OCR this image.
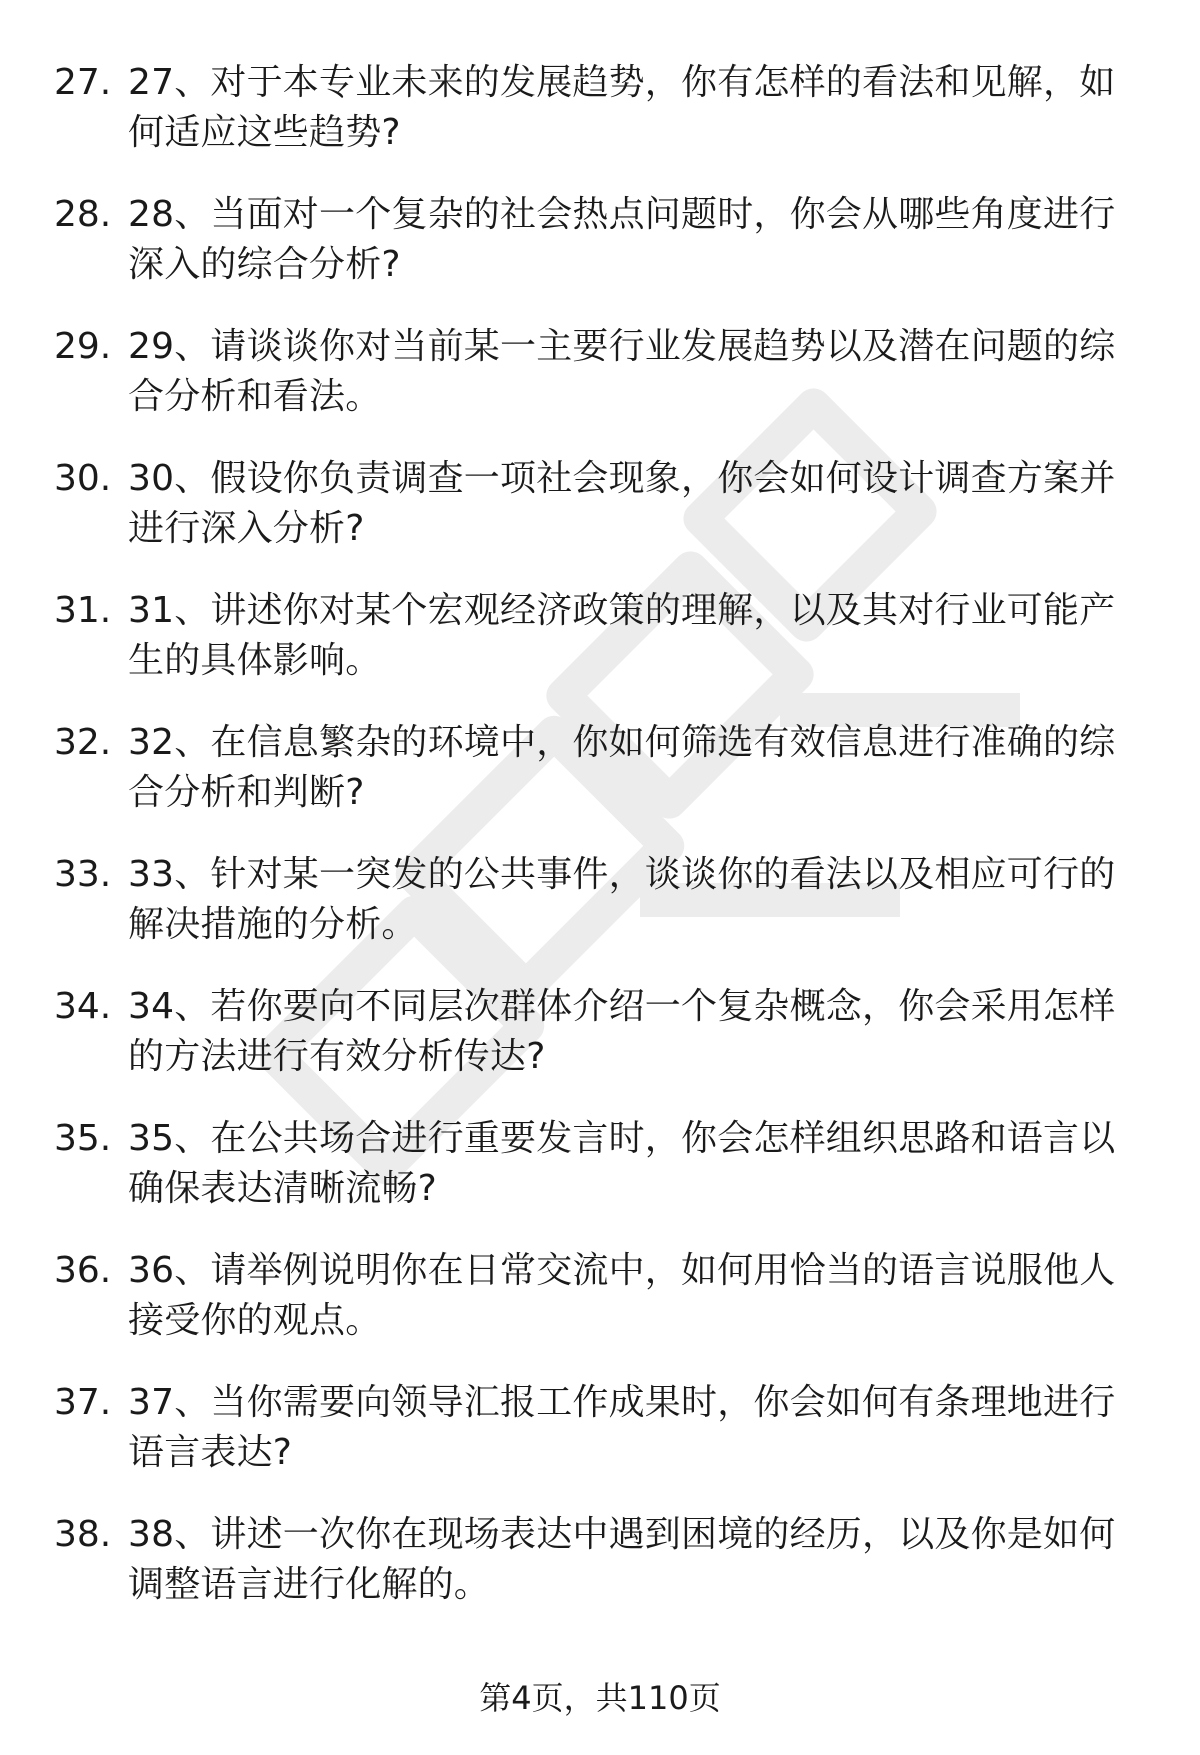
27. 27、对于本专业未来的发展趋势，你有怎样的看法和见解，如何适应这些趋势?
28. 28、当面对一个复杂的社会热点问题时，你会从哪些角度进行深入的综合分析?
29. 29、请谈谈你对当前某一主要行业发展趋势以及潜在问题的综合分析和看法。
30. 30、假设你负责调查一项社会现象，你会如何设计调查方案并进行深入分析?
31. 31、讲述你对某个宏观经济政策的理解，以及其对行业可能产生的具体影响。
32. 32、在信息繁杂的环境中，你如何筛选有效信息进行准确的综合分析和判断?
33. 33、针对某一突发的公共事件，谈谈你的看法以及相应可行的解决措施的分析。
34. 34、若你要向不同层次群体介绍一个复杂概念，你会采用怎样的方法进行有效分析传达?
35. 35、在公共场合进行重要发言时，你会怎样组织思路和语言以确保表达清晰流畅?
36. 36、请举例说明你在日常交流中，如何用恰当的语言说服他人接受你的观点。
37. 37、当你需要向领导汇报工作成果时，你会如何有条理地进行语言表达?
38. 38、讲述一次你在现场表达中遇到困境的经历，以及你是如何调整语言进行化解的。
第4页，共110页
